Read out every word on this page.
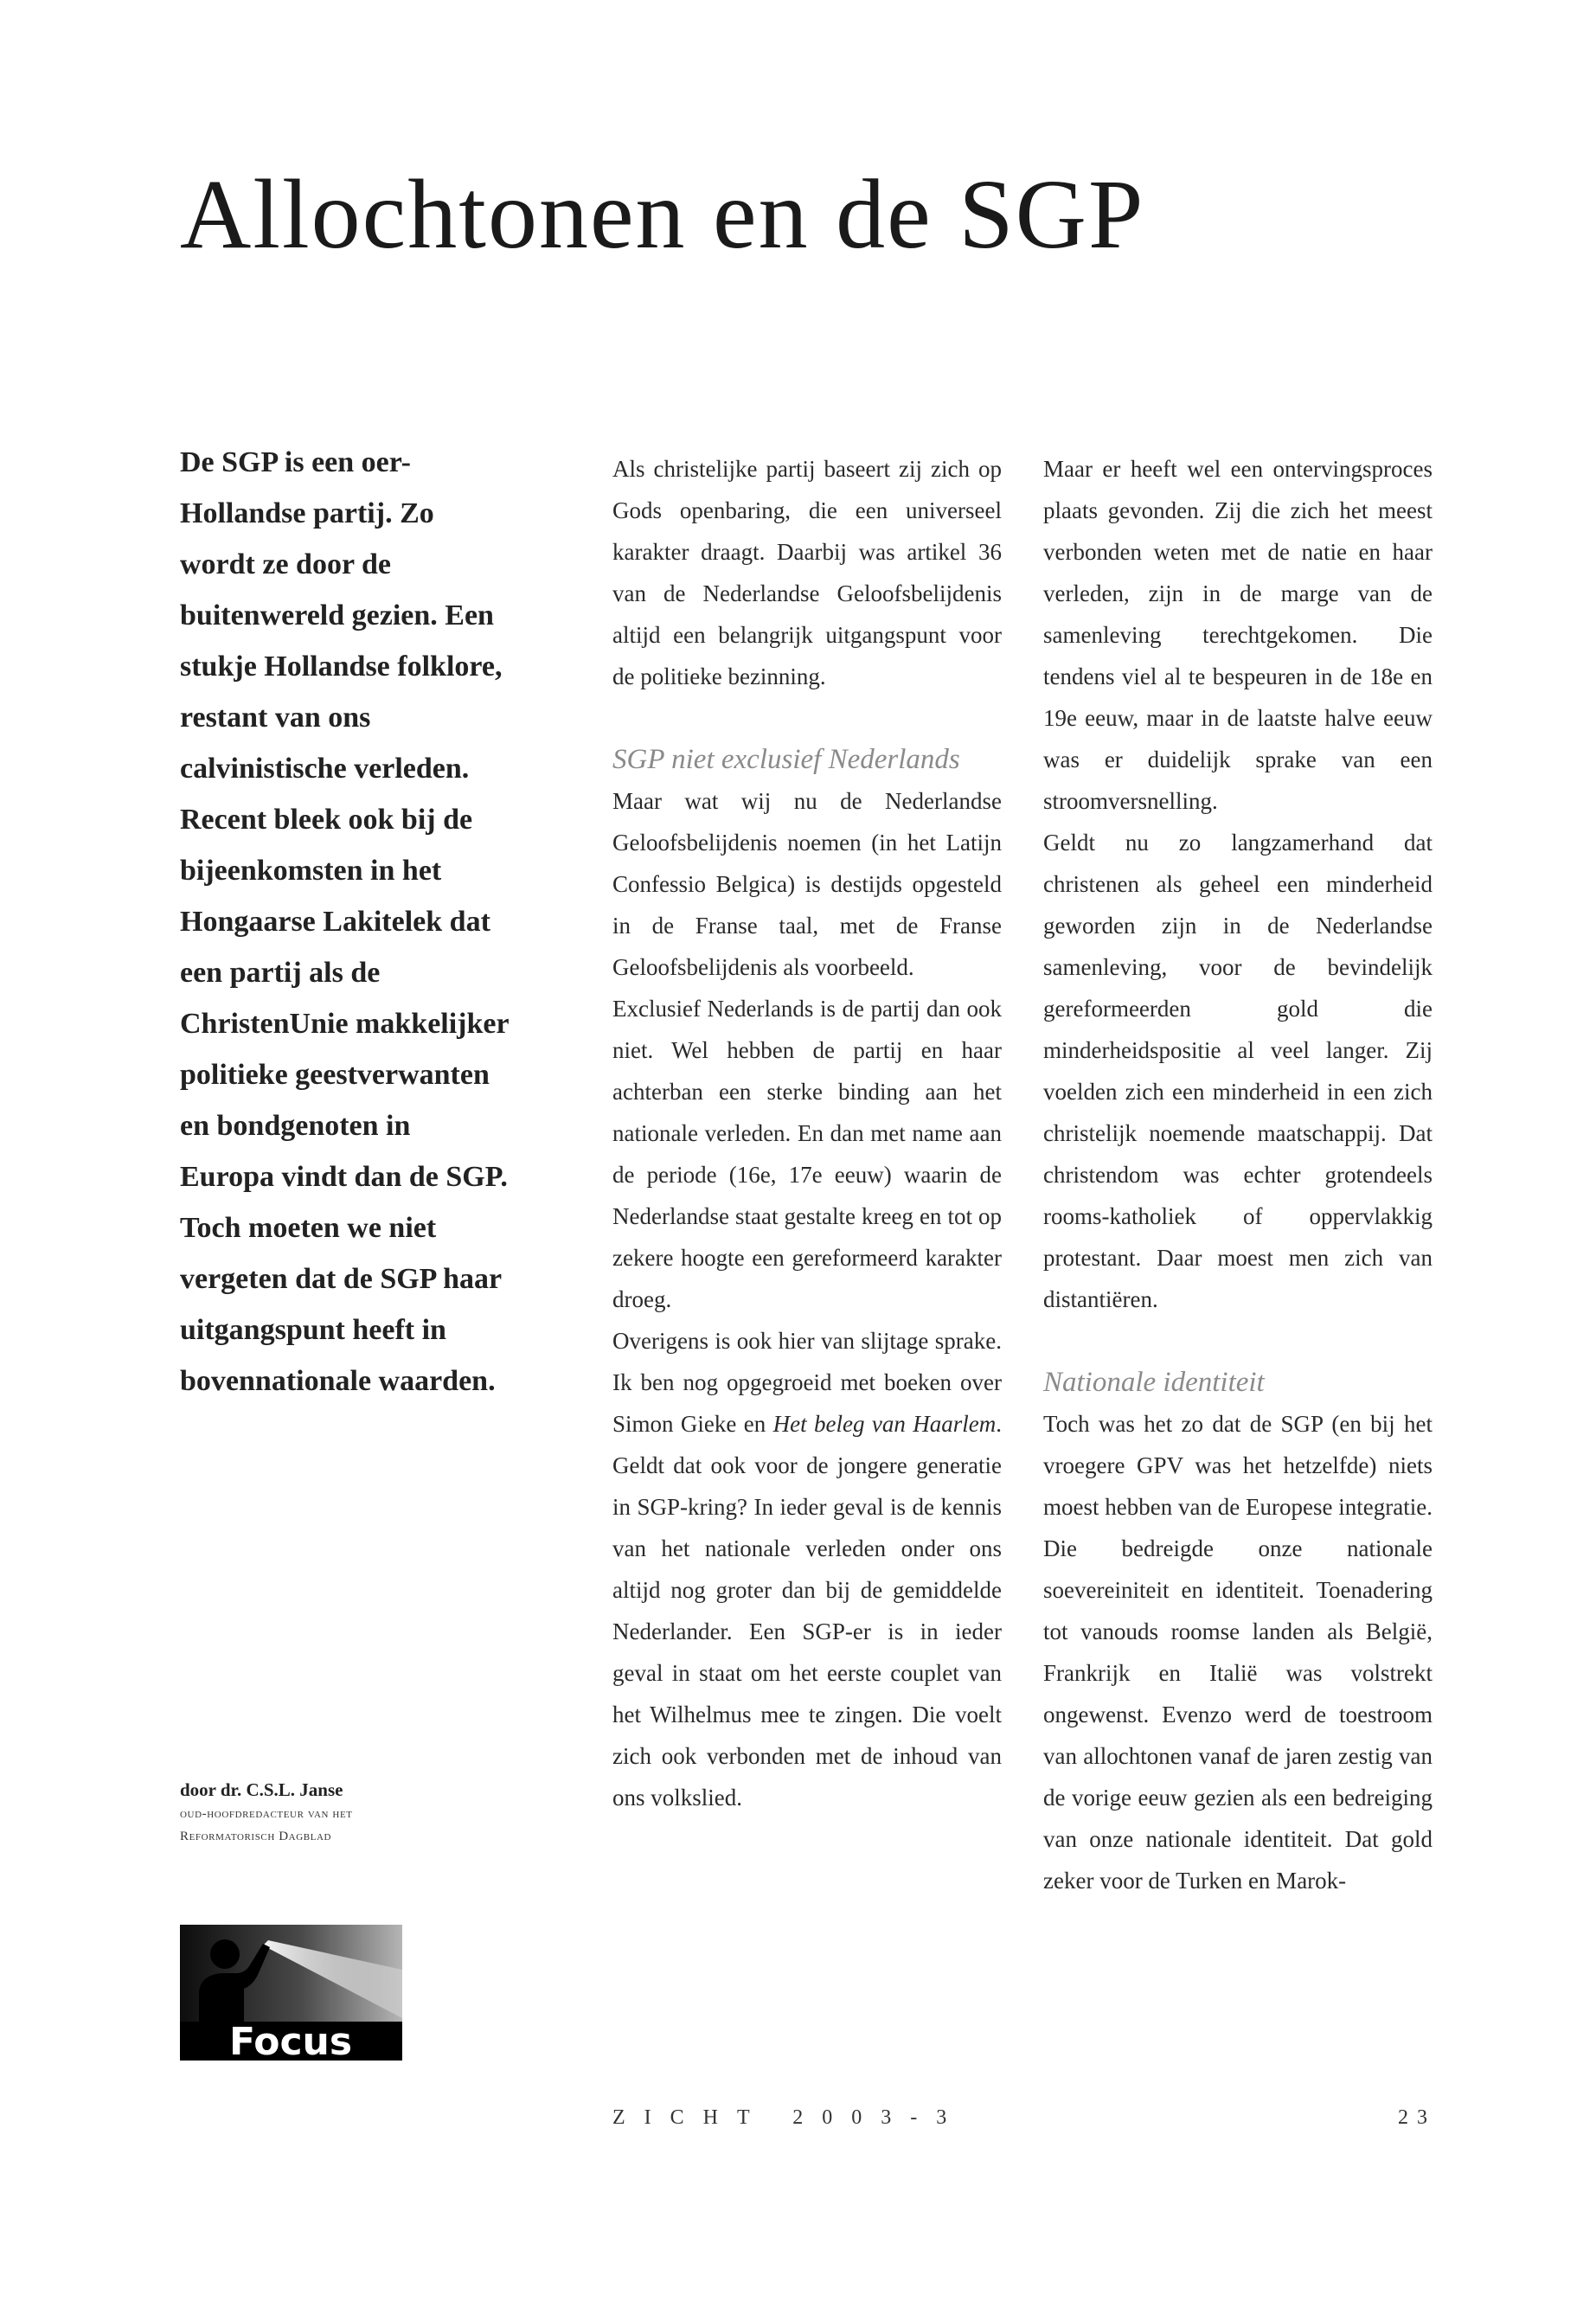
Allochtonen en de SGP

De SGP is een oer-Hollandse partij. Zo wordt ze door de buitenwereld gezien. Een stukje Hollandse folklore, restant van ons calvinistische verleden. Recent bleek ook bij de bijeenkomsten in het Hongaarse Lakitelek dat een partij als de ChristenUnie makkelijker politieke geestverwanten en bondgenoten in Europa vindt dan de SGP. Toch moeten we niet vergeten dat de SGP haar uitgangspunt heeft in bovennationale waarden.

door dr. C.S.L. Janse
oud-hoofdredacteur van het
Reformatorisch Dagblad
Focus

Als christelijke partij baseert zij zich op Gods openbaring, die een universeel karakter draagt. Daarbij was artikel 36 van de Nederlandse Geloofsbelijdenis altijd een belangrijk uitgangspunt voor de politieke bezinning.

SGP niet exclusief Nederlands

Maar wat wij nu de Nederlandse Geloofsbelijdenis noemen (in het Latijn Confessio Belgica) is destijds opgesteld in de Franse taal, met de Franse Geloofsbelijdenis als voorbeeld.

Exclusief Nederlands is de partij dan ook niet. Wel hebben de partij en haar achterban een sterke binding aan het nationale verleden. En dan met name aan de periode (16e, 17e eeuw) waarin de Nederlandse staat gestalte kreeg en tot op zekere hoogte een gereformeerd karakter droeg.

Overigens is ook hier van slijtage sprake. Ik ben nog opgegroeid met boeken over Simon Gieke en Het beleg van Haarlem. Geldt dat ook voor de jongere generatie in SGP-kring? In ieder geval is de kennis van het nationale verleden onder ons altijd nog groter dan bij de gemiddelde Nederlander. Een SGP-er is in ieder geval in staat om het eerste couplet van het Wilhelmus mee te zingen. Die voelt zich ook verbonden met de inhoud van ons volkslied.

Maar er heeft wel een ontervingsproces plaats gevonden. Zij die zich het meest verbonden weten met de natie en haar verleden, zijn in de marge van de samenleving terechtgekomen. Die tendens viel al te bespeuren in de 18e en 19e eeuw, maar in de laatste halve eeuw was er duidelijk sprake van een stroomversnelling.

Geldt nu zo langzamerhand dat christenen als geheel een minderheid geworden zijn in de Nederlandse samenleving, voor de bevindelijk gereformeerden gold die minderheidspositie al veel langer. Zij voelden zich een minderheid in een zich christelijk noemende maatschappij. Dat christendom was echter grotendeels rooms-katholiek of oppervlakkig protestant. Daar moest men zich van distantiëren.

Nationale identiteit

Toch was het zo dat de SGP (en bij het vroegere GPV was het hetzelfde) niets moest hebben van de Europese integratie. Die bedreigde onze nationale soevereiniteit en identiteit. Toenadering tot vanouds roomse landen als België, Frankrijk en Italië was volstrekt ongewenst. Evenzo werd de toestroom van allochtonen vanaf de jaren zestig van de vorige eeuw gezien als een bedreiging van onze nationale identiteit. Dat gold zeker voor de Turken en Marok-

ZICHT 2003-3	23
